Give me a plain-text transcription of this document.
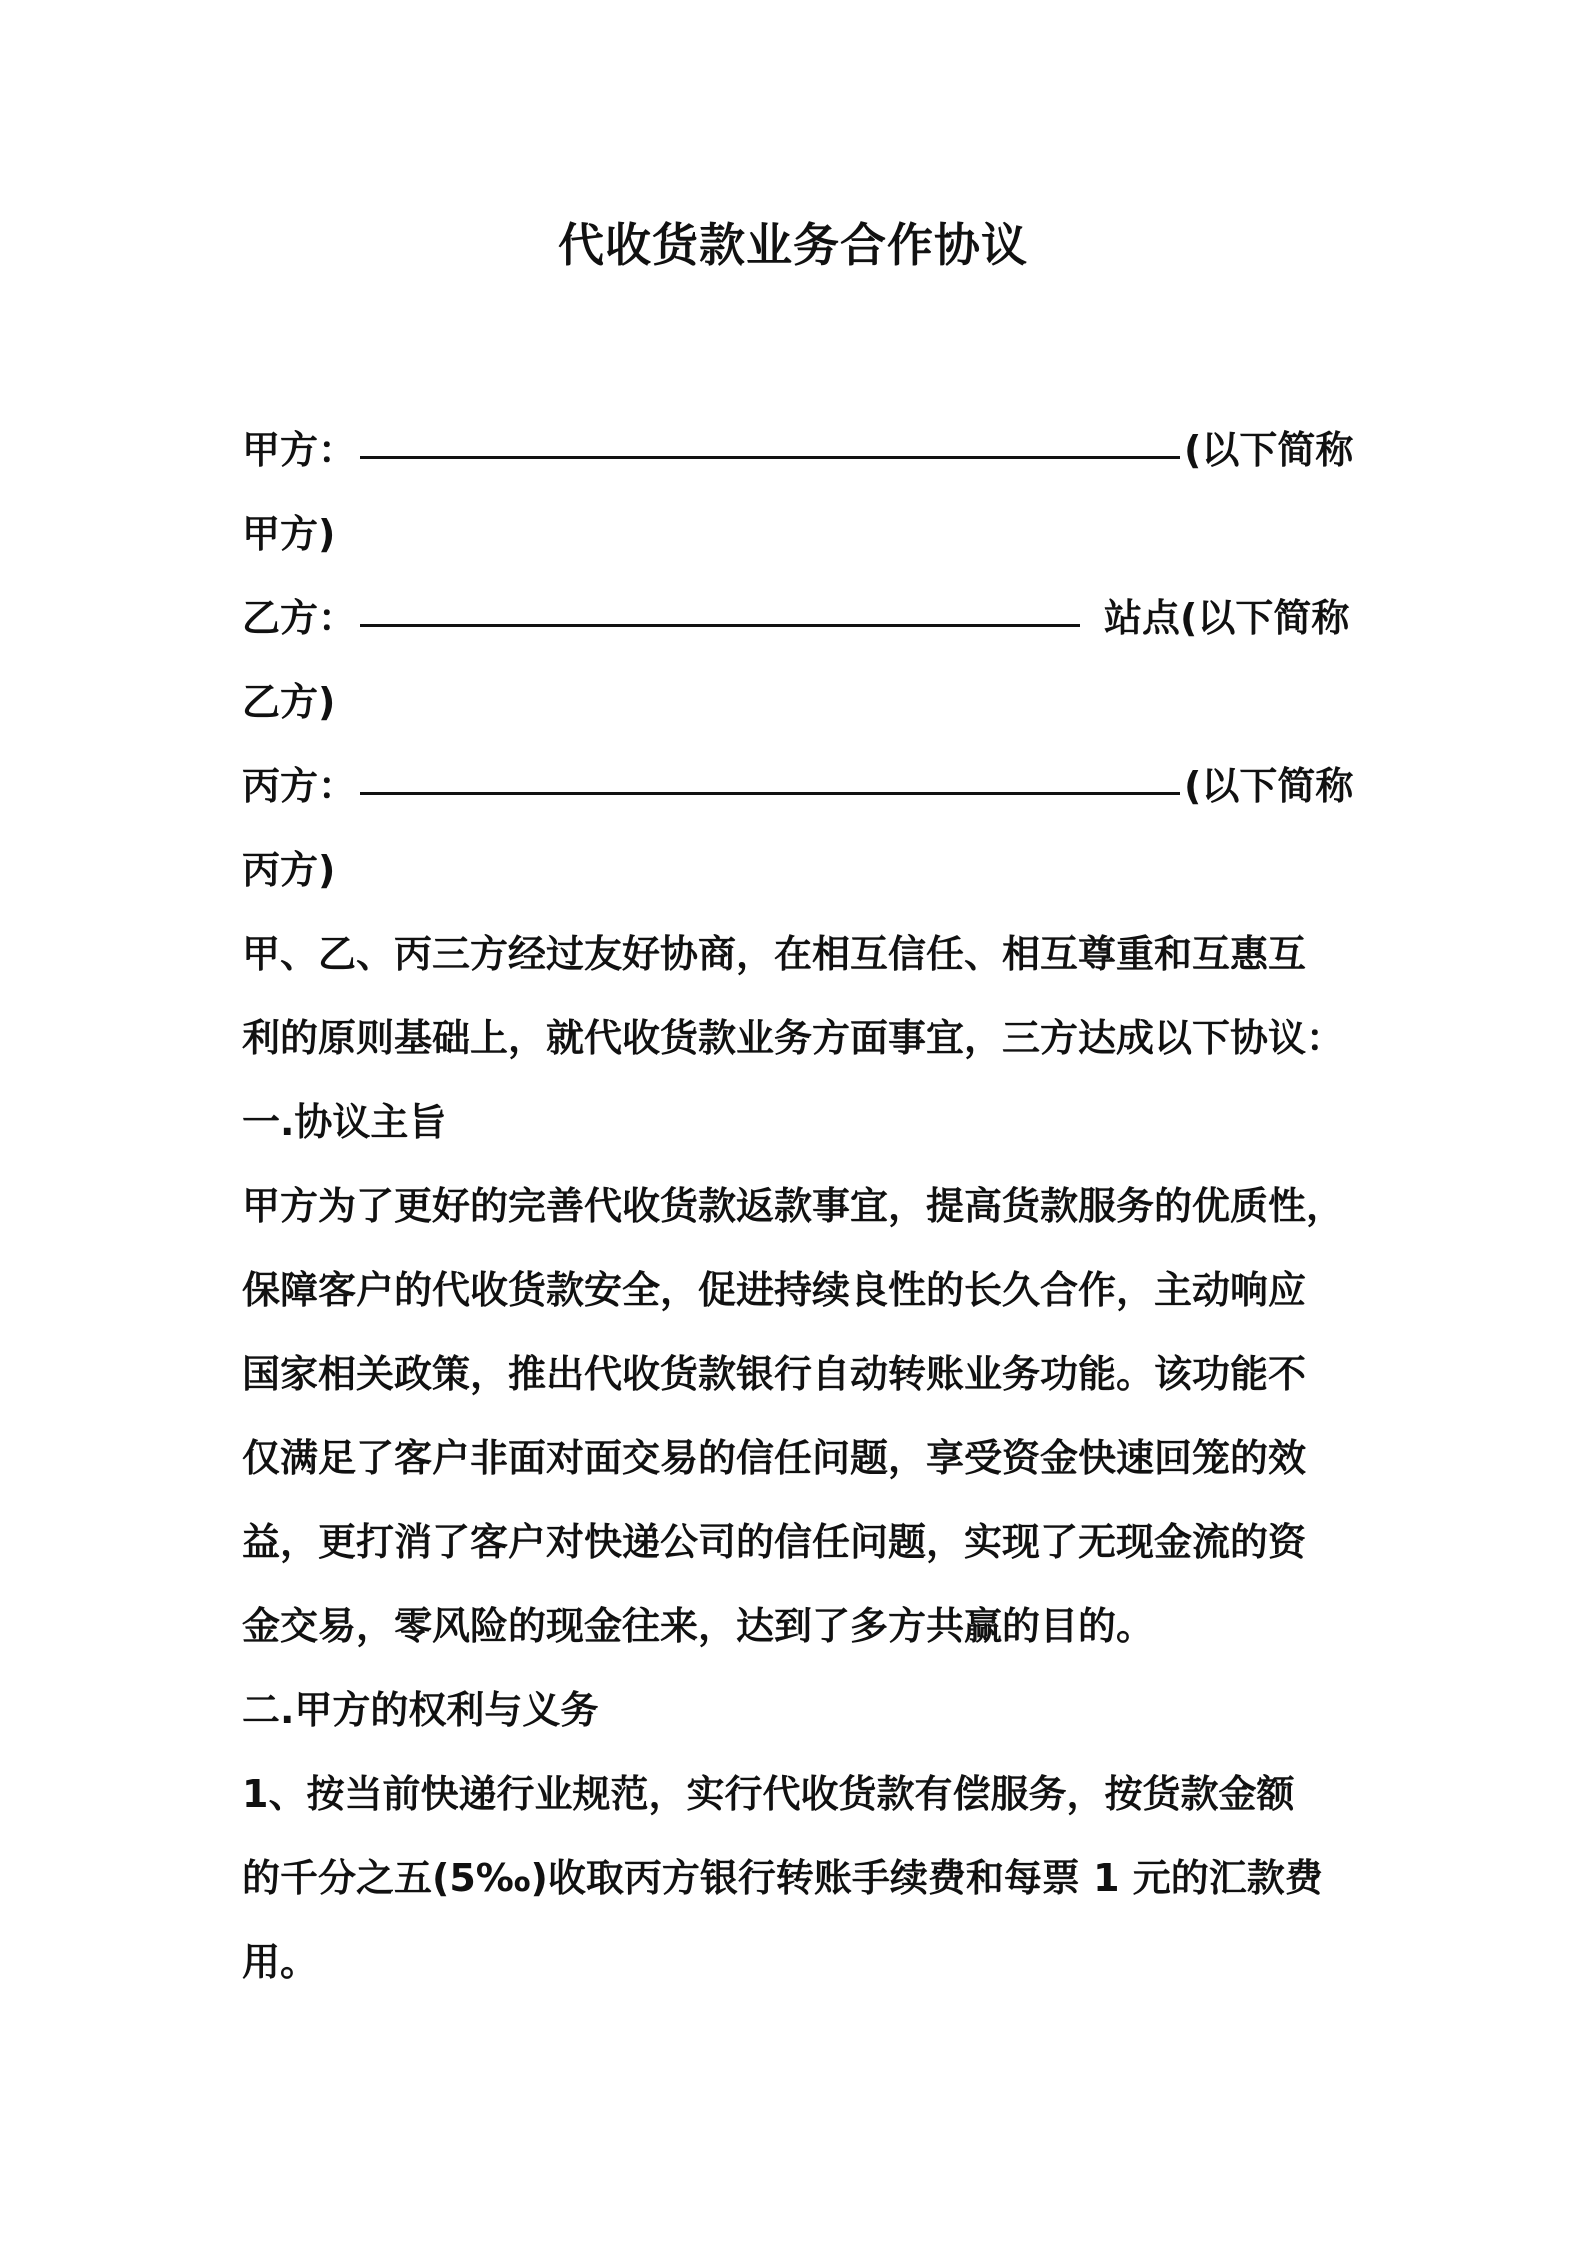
代收货款业务合作协议
甲方：	(以下简称
甲方)
乙方：	站点(以下简称
乙方)
丙方：	(以下简称
丙方)
甲、乙、丙三方经过友好协商，在相互信任、相互尊重和互惠互
利的原则基础上，就代收货款业务方面事宜，三方达成以下协议：
一.协议主旨
甲方为了更好的完善代收货款返款事宜，提高货款服务的优质性，
保障客户的代收货款安全，促进持续良性的长久合作，主动响应
国家相关政策，推出代收货款银行自动转账业务功能。该功能不
仅满足了客户非面对面交易的信任问题，享受资金快速回笼的效
益，更打消了客户对快递公司的信任问题，实现了无现金流的资
金交易，零风险的现金往来，达到了多方共赢的目的。
二.甲方的权利与义务
1、按当前快递行业规范，实行代收货款有偿服务，按货款金额
的千分之五(5‰)收取丙方银行转账手续费和每票 1 元的汇款费
用。
